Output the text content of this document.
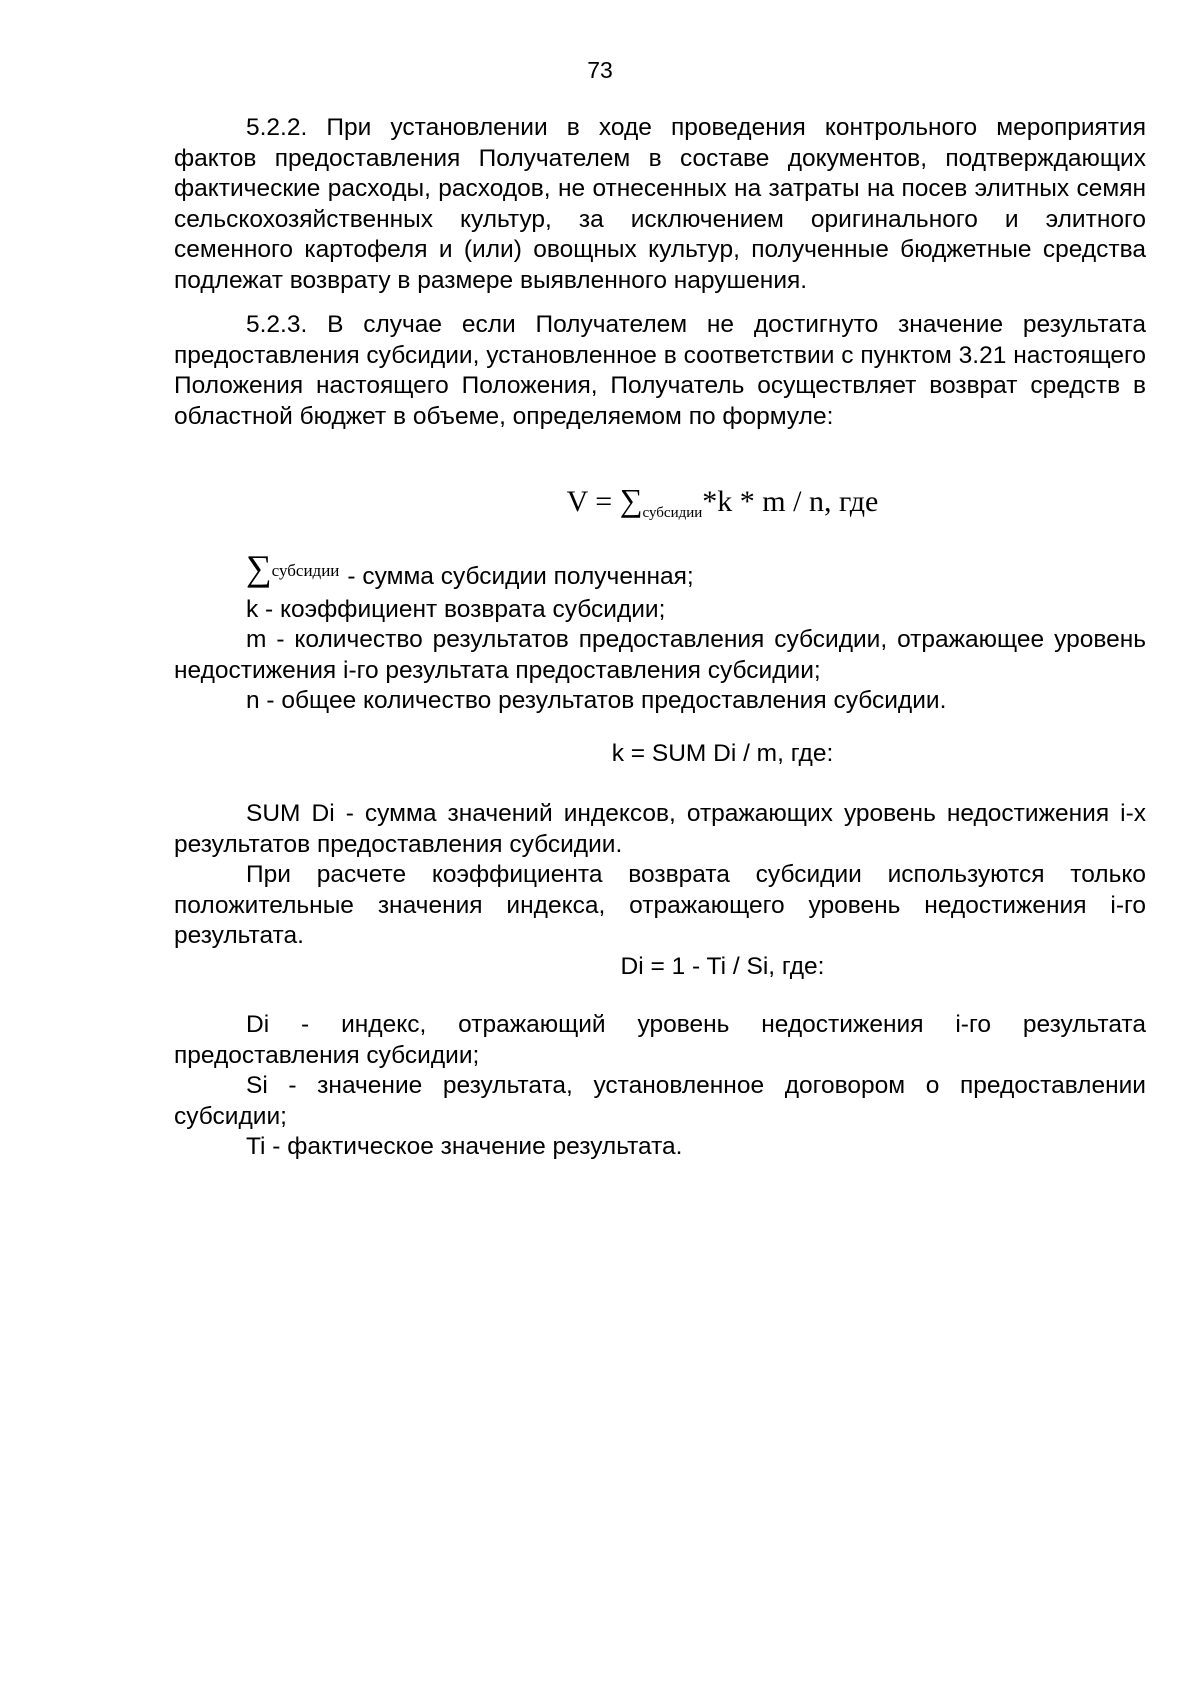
73

5.2.2. При установлении в ходе проведения контрольного мероприятия фактов предоставления Получателем в составе документов, подтверждающих фактические расходы, расходов, не отнесенных на затраты на посев элитных семян сельскохозяйственных культур, за исключением оригинального и элитного семенного картофеля и (или) овощных культур, полученные бюджетные средства подлежат возврату в размере выявленного нарушения.

5.2.3. В случае если Получателем не достигнуто значение результата предоставления субсидии, установленное в соответствии с пунктом 3.21 настоящего Положения настоящего Положения, Получатель осуществляет возврат средств в областной бюджет в объеме, определяемом по формуле:

$V = \sum_{субсидии}*k * m / n$, где

∑$^{субсидии}$ - сумма субсидии полученная;

k - коэффициент возврата субсидии;

m - количество результатов предоставления субсидии, отражающее уровень недостижения i-го результата предоставления субсидии;

n - общее количество результатов предоставления субсидии.

k = SUM Di / m, где:

SUM Di - сумма значений индексов, отражающих уровень недостижения i-х результатов предоставления субсидии.

При расчете коэффициента возврата субсидии используются только положительные значения индекса, отражающего уровень недостижения i-го результата.

Di = 1 - Ti / Si, где:

Di - индекс, отражающий уровень недостижения i-го результата предоставления субсидии;

Si - значение результата, установленное договором о предоставлении субсидии;

Ti - фактическое значение результата.
